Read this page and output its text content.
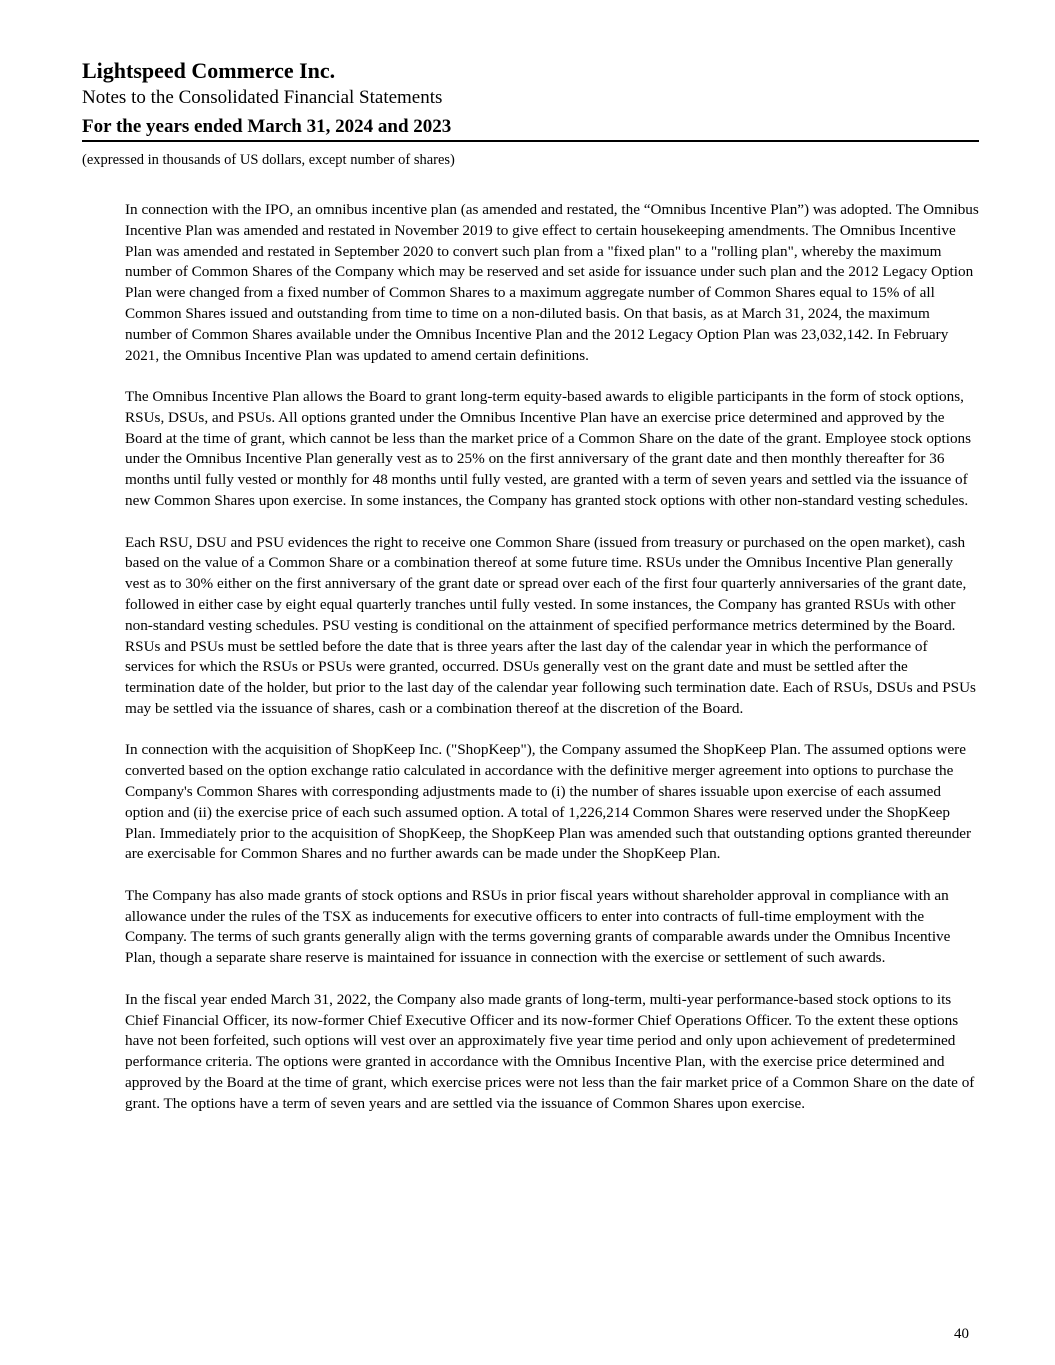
Lightspeed Commerce Inc.
Notes to the Consolidated Financial Statements
For the years ended March 31, 2024 and 2023
(expressed in thousands of US dollars, except number of shares)

In connection with the IPO, an omnibus incentive plan (as amended and restated, the “Omnibus Incentive Plan”) was adopted. The Omnibus Incentive Plan was amended and restated in November 2019 to give effect to certain housekeeping amendments. The Omnibus Incentive Plan was amended and restated in September 2020 to convert such plan from a "fixed plan" to a "rolling plan", whereby the maximum number of Common Shares of the Company which may be reserved and set aside for issuance under such plan and the 2012 Legacy Option Plan were changed from a fixed number of Common Shares to a maximum aggregate number of Common Shares equal to 15% of all Common Shares issued and outstanding from time to time on a non-diluted basis. On that basis, as at March 31, 2024, the maximum number of Common Shares available under the Omnibus Incentive Plan and the 2012 Legacy Option Plan was 23,032,142. In February 2021, the Omnibus Incentive Plan was updated to amend certain definitions.

The Omnibus Incentive Plan allows the Board to grant long-term equity-based awards to eligible participants in the form of stock options, RSUs, DSUs, and PSUs. All options granted under the Omnibus Incentive Plan have an exercise price determined and approved by the Board at the time of grant, which cannot be less than the market price of a Common Share on the date of the grant. Employee stock options under the Omnibus Incentive Plan generally vest as to 25% on the first anniversary of the grant date and then monthly thereafter for 36 months until fully vested or monthly for 48 months until fully vested, are granted with a term of seven years and settled via the issuance of new Common Shares upon exercise. In some instances, the Company has granted stock options with other non-standard vesting schedules.

Each RSU, DSU and PSU evidences the right to receive one Common Share (issued from treasury or purchased on the open market), cash based on the value of a Common Share or a combination thereof at some future time. RSUs under the Omnibus Incentive Plan generally vest as to 30% either on the first anniversary of the grant date or spread over each of the first four quarterly anniversaries of the grant date, followed in either case by eight equal quarterly tranches until fully vested. In some instances, the Company has granted RSUs with other non-standard vesting schedules. PSU vesting is conditional on the attainment of specified performance metrics determined by the Board. RSUs and PSUs must be settled before the date that is three years after the last day of the calendar year in which the performance of services for which the RSUs or PSUs were granted, occurred. DSUs generally vest on the grant date and must be settled after the termination date of the holder, but prior to the last day of the calendar year following such termination date. Each of RSUs, DSUs and PSUs may be settled via the issuance of shares, cash or a combination thereof at the discretion of the Board.

In connection with the acquisition of ShopKeep Inc. ("ShopKeep"), the Company assumed the ShopKeep Plan. The assumed options were converted based on the option exchange ratio calculated in accordance with the definitive merger agreement into options to purchase the Company's Common Shares with corresponding adjustments made to (i) the number of shares issuable upon exercise of each assumed option and (ii) the exercise price of each such assumed option. A total of 1,226,214 Common Shares were reserved under the ShopKeep Plan. Immediately prior to the acquisition of ShopKeep, the ShopKeep Plan was amended such that outstanding options granted thereunder are exercisable for Common Shares and no further awards can be made under the ShopKeep Plan.

The Company has also made grants of stock options and RSUs in prior fiscal years without shareholder approval in compliance with an allowance under the rules of the TSX as inducements for executive officers to enter into contracts of full-time employment with the Company. The terms of such grants generally align with the terms governing grants of comparable awards under the Omnibus Incentive Plan, though a separate share reserve is maintained for issuance in connection with the exercise or settlement of such awards.

In the fiscal year ended March 31, 2022, the Company also made grants of long-term, multi-year performance-based stock options to its Chief Financial Officer, its now-former Chief Executive Officer and its now-former Chief Operations Officer. To the extent these options have not been forfeited, such options will vest over an approximately five year time period and only upon achievement of predetermined performance criteria. The options were granted in accordance with the Omnibus Incentive Plan, with the exercise price determined and approved by the Board at the time of grant, which exercise prices were not less than the fair market price of a Common Share on the date of grant. The options have a term of seven years and are settled via the issuance of Common Shares upon exercise.

40
